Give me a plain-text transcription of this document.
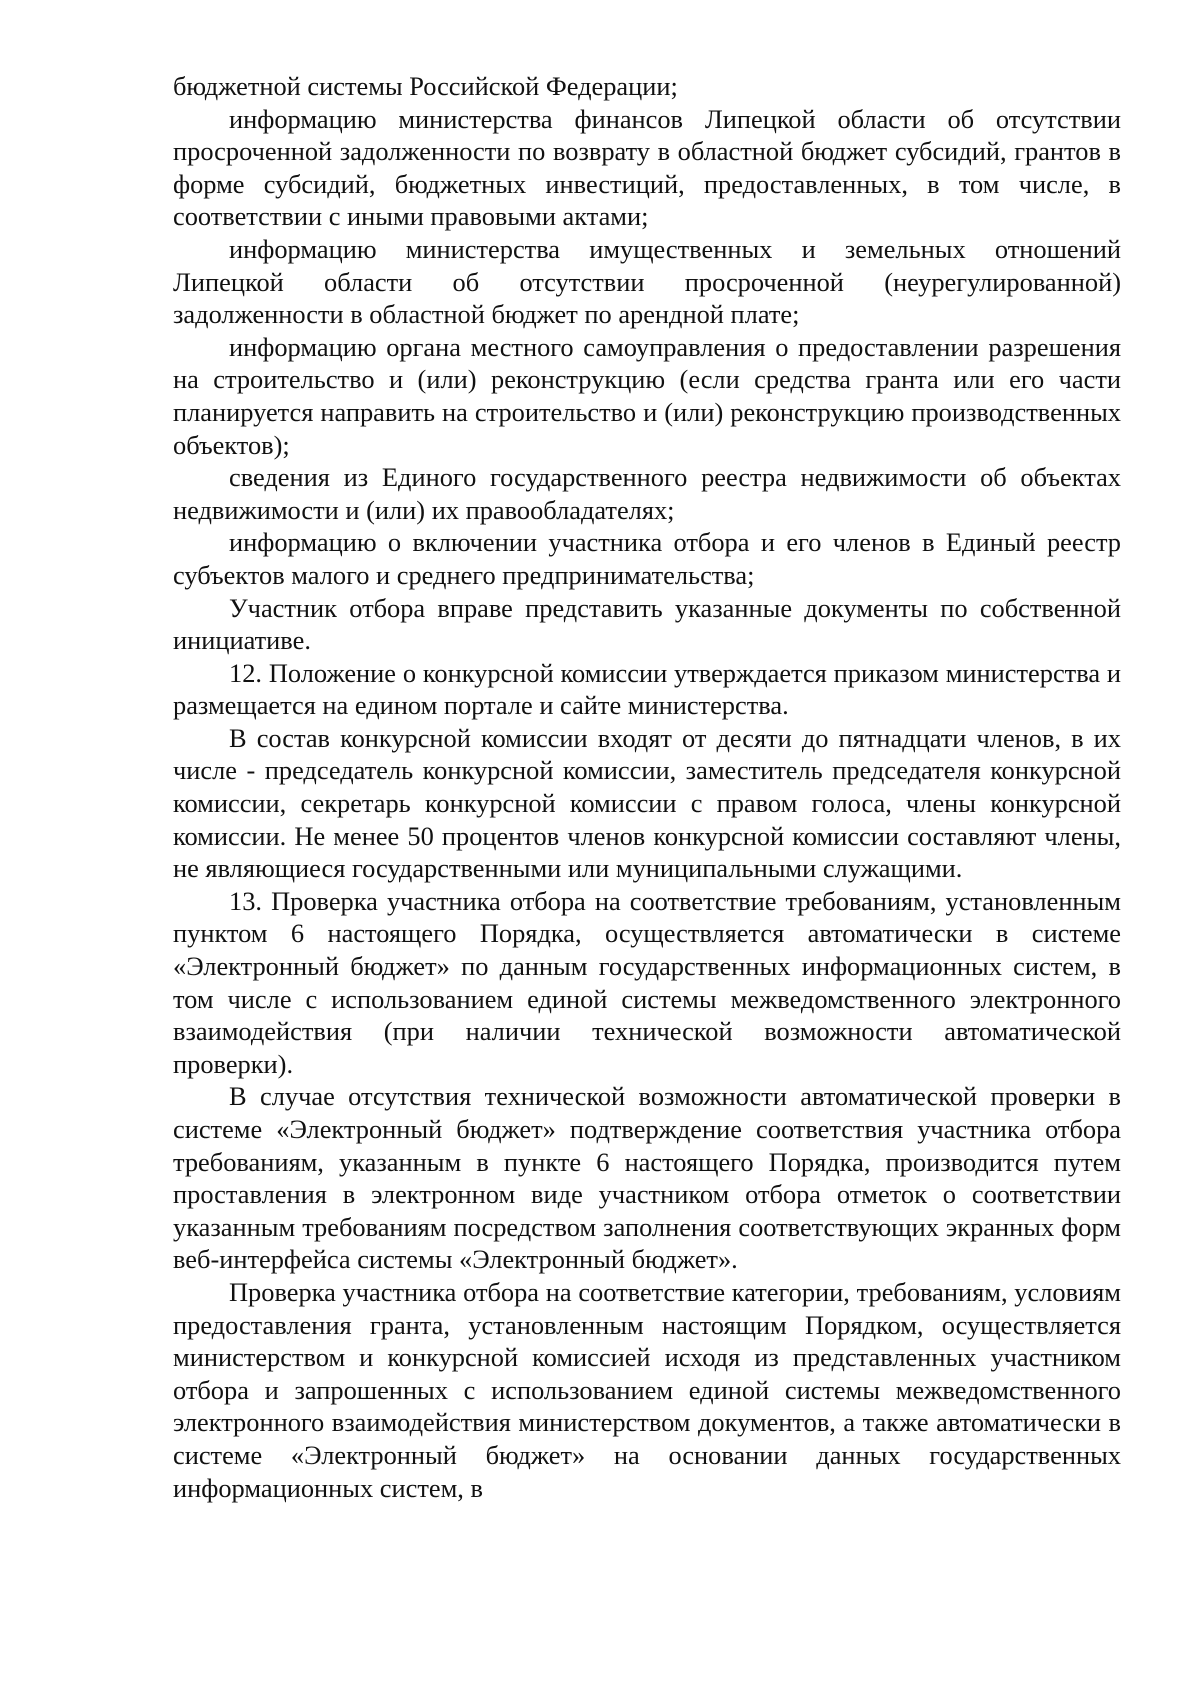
бюджетной системы Российской Федерации;

информацию министерства финансов Липецкой области об отсутствии просроченной задолженности по возврату в областной бюджет субсидий, грантов в форме субсидий, бюджетных инвестиций, предоставленных, в том числе, в соответствии с иными правовыми актами;

информацию министерства имущественных и земельных отношений Липецкой области об отсутствии просроченной (неурегулированной) задолженности в областной бюджет по арендной плате;

информацию органа местного самоуправления о предоставлении разрешения на строительство и (или) реконструкцию (если средства гранта или его части планируется направить на строительство и (или) реконструкцию производственных объектов);

сведения из Единого государственного реестра недвижимости об объектах недвижимости и (или) их правообладателях;

информацию о включении участника отбора и его членов в Единый реестр субъектов малого и среднего предпринимательства;

Участник отбора вправе представить указанные документы по собственной инициативе.

12. Положение о конкурсной комиссии утверждается приказом министерства и размещается на едином портале и сайте министерства.

В состав конкурсной комиссии входят от десяти до пятнадцати членов, в их числе - председатель конкурсной комиссии, заместитель председателя конкурсной комиссии, секретарь конкурсной комиссии с правом голоса, члены конкурсной комиссии. Не менее 50 процентов членов конкурсной комиссии составляют члены, не являющиеся государственными или муниципальными служащими.

13. Проверка участника отбора на соответствие требованиям, установленным пунктом 6 настоящего Порядка, осуществляется автоматически в системе «Электронный бюджет» по данным государственных информационных систем, в том числе с использованием единой системы межведомственного электронного взаимодействия (при наличии технической возможности автоматической проверки).

В случае отсутствия технической возможности автоматической проверки в системе «Электронный бюджет» подтверждение соответствия участника отбора требованиям, указанным в пункте 6 настоящего Порядка, производится путем проставления в электронном виде участником отбора отметок о соответствии указанным требованиям посредством заполнения соответствующих экранных форм веб-интерфейса системы «Электронный бюджет».

Проверка участника отбора на соответствие категории, требованиям, условиям предоставления гранта, установленным настоящим Порядком, осуществляется министерством и конкурсной комиссией исходя из представленных участником отбора и запрошенных с использованием единой системы межведомственного электронного взаимодействия министерством документов, а также автоматически в системе «Электронный бюджет» на основании данных государственных информационных систем, в
